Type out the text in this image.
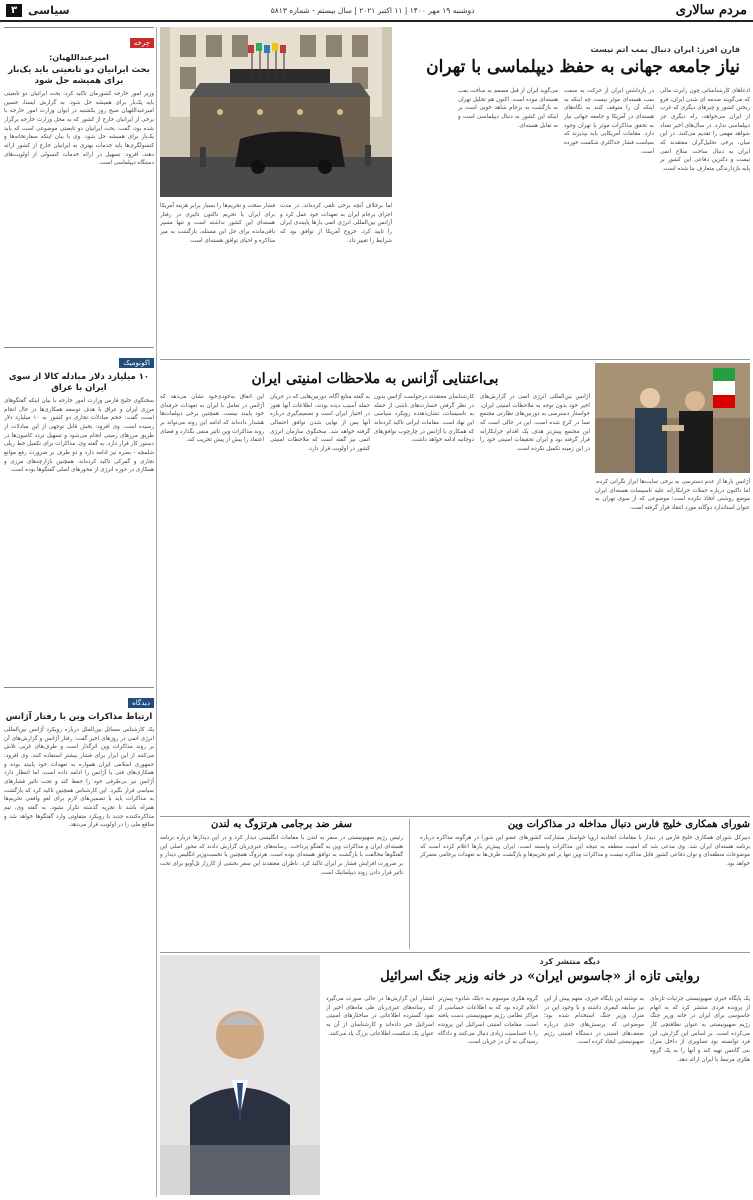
مردم سالاری
دوشنبه ۱۹ مهر ۱۴۰۰ | ۱۱ اکتبر ۲۰۲۱ | سال بیستم - شماره ۵۸۱۳
سیاسی
۳
چرخه
امیرعبداللهیان:
بحث ایرانیان دو تابعیتی باید یک‌بار برای همیشه حل شود
وزیر امور خارجه کشورمان تاکید کرد: بحث ایرانیان دو تابعیتی باید یک‌بار برای همیشه حل شود. به گزارش ایسنا، حسین امیرعبداللهیان صبح روز یکشنبه در ایوان وزارت امور خارجه با برخی از ایرانیان خارج از کشور که به محل وزارت خارجه برگزار شده بود، گفت: بحث ایرانیان دو تابعیتی موضوعی است که باید یک‌بار برای همیشه حل شود. وی با بیان اینکه سفارتخانه‌ها و کنسولگری‌ها باید خدمات بهتری به ایرانیان خارج از کشور ارائه دهند، افزود: تسهیل در ارائه خدمات کنسولی از اولویت‌های دستگاه دیپلماسی است.
اکونومیک
۱۰ میلیارد دلار مبادله کالا از سوی ایران با عراق
سخنگوی خلیج فارس وزارت امور خارجه با بیان اینکه گفتگوهای مرزی ایران و عراق با هدف توسعه همکاری‌ها در حال انجام است، گفت: حجم مبادلات تجاری دو کشور به ۱۰ میلیارد دلار رسیده است. وی افزود: بخش قابل توجهی از این مبادلات از طریق مرزهای زمینی انجام می‌شود و تسهیل تردد کامیون‌ها در دستور کار قرار دارد. به گفته وی، مذاکرات برای تکمیل خط ریلی شلمچه - بصره نیز ادامه دارد و دو طرف بر ضرورت رفع موانع تجاری و گمرکی تاکید کرده‌اند. همچنین بازارچه‌های مرزی و همکاری در حوزه انرژی از محورهای اصلی گفتگوها بوده است.
دیدگاه
ارتباط مذاکرات وین با رفتار آژانس
یک کارشناس مسائل بین‌الملل درباره رویکرد آژانس بین‌المللی انرژی اتمی در روزهای اخیر گفت: رفتار آژانس و گزارش‌های آن بر روند مذاکرات وین اثرگذار است و طرف‌های غربی تلاش می‌کنند از این ابزار برای فشار بیشتر استفاده کنند. وی افزود: جمهوری اسلامی ایران همواره به تعهدات خود پایبند بوده و همکاری‌های فنی با آژانس را ادامه داده است، اما انتظار دارد آژانس نیز بی‌طرفی خود را حفظ کند و تحت تاثیر فشارهای سیاسی قرار نگیرد. این کارشناس همچنین تاکید کرد که بازگشت به مذاکرات باید با تضمین‌های لازم برای لغو واقعی تحریم‌ها همراه باشد تا تجربه گذشته تکرار نشود. به گفته وی، تیم مذاکره‌کننده جدید با رویکرد متفاوتی وارد گفتگوها خواهد شد و منافع ملی را در اولویت قرار می‌دهد.
فارن افرز: ایران دنبال بمب اتم نیست
نیاز جامعه جهانی به حفظ دیپلماسی با تهران
ادعاهای کارشناسانی چون رابرت مالی که می‌گویند صدمه ای شدن ایران، فرو ریختن کشور و چیزهای دیگری که غرب از ایران می‌خواهد، راه دیگری جز دیپلماسی ندارد. در سال‌های اخیر تعداد شواهد مهمی را تقدیم می‌کنند. در این میان، برخی تحلیل‌گران معتقدند که ایران به دنبال ساخت سلاح اتمی نیست و دکترین دفاعی این کشور بر پایه بازدارندگی متعارف بنا شده است.
در بازداشتن ایران از حرکت به سمت بمب هسته‌ای موثر نیست چه اینکه به اینکه آن را متوقف کنند به نگاه‌های هسته‌ای در آمریکا و جامعه جهانی نیاز به تحقق مذاکرات موثر با تهران وجود دارد. مقامات آمریکایی باید بپذیرند که سیاست فشار حداکثری شکست خورده است.
می‌گوید ایران از قبل مصمم به ساخت بمب هسته‌ای نبوده است. اکنون هم تحلیل تهران به بازگشت به برجام شاهد خوبی است بر اینکه این کشور به دنبال دیپلماسی است و نه تقابل هسته‌ای.
اما برخلاف آنچه برخی تلقی کرده‌اند، در مدت اجرای برجام ایران به تعهدات خود عمل کرد و آژانس بین‌المللی انرژی اتمی بارها پایبندی ایران را تایید کرد. خروج آمریکا از توافق بود که شرایط را تغییر داد.
فشار سخت و تحریم‌ها را بسیار برابر هزینه آمریکا برای ایران با تحریم تاکنون تاثیری در رفتار هسته‌ای این کشور نداشته است و تنها مسیر باقی‌مانده برای حل این مسئله، بازگشت به میز مذاکره و احیای توافق هسته‌ای است.
بی‌اعتنایی آژانس به ملاحظات امنیتی ایران
آژانس بین‌المللی انرژی اتمی در گزارش‌های اخیر خود بدون توجه به ملاحظات امنیتی ایران، خواستار دسترسی به دوربین‌های نظارتی مجتمع تسا در کرج شده است. این در حالی است که این مجتمع پیش‌تر هدف یک اقدام خرابکارانه قرار گرفته بود و ایران تحقیقات امنیتی خود را در این زمینه تکمیل نکرده است.
کارشناسان معتقدند درخواست آژانس بدون در نظر گرفتن خسارت‌های ناشی از حمله به تاسیسات، نشان‌دهنده رویکرد سیاسی این نهاد است. مقامات ایرانی تاکید کرده‌اند که همکاری با آژانس در چارچوب توافق‌های دوجانبه ادامه خواهد داشت.
به گفته منابع آگاه، دوربین‌هایی که در جریان حمله آسیب دیده بودند، اطلاعات آنها هنوز در اختیار ایران است و تصمیم‌گیری درباره آنها پس از نهایی شدن توافق احتمالی گرفته خواهد شد. سخنگوی سازمان انرژی اتمی نیز گفته است که ملاحظات امنیتی کشور در اولویت قرار دارد.
این اتفاق به‌خودی‌خود نشان می‌دهد که آژانس در تعامل با ایران به تعهدات حرفه‌ای خود پایبند نیست. همچنین برخی دیپلمات‌ها هشدار داده‌اند که ادامه این روند می‌تواند بر روند مذاکرات وین تاثیر منفی بگذارد و فضای اعتماد را بیش از پیش تخریب کند.
آژانس بارها از عدم دسترسی به برخی سایت‌ها ابراز نگرانی کرده، اما تاکنون درباره حملات خرابکارانه علیه تاسیسات هسته‌ای ایران موضع روشنی اتخاذ نکرده است؛ موضوعی که از سوی تهران به عنوان استاندارد دوگانه مورد انتقاد قرار گرفته است.
شورای همکاری خلیج فارس دنبال مداخله در مذاکرات وین
دبیرکل شورای همکاری خلیج فارس در دیدار با مقامات اتحادیه اروپا خواستار مشارکت کشورهای عضو این شورا در هرگونه مذاکره درباره برنامه هسته‌ای ایران شد. وی مدعی شد که امنیت منطقه به نتیجه این مذاکرات وابسته است. ایران پیش‌تر بارها اعلام کرده است که موضوعات منطقه‌ای و توان دفاعی کشور قابل مذاکره نیست و مذاکرات وین تنها بر لغو تحریم‌ها و بازگشت طرف‌ها به تعهدات برجامی متمرکز خواهد بود.
سفر ضد برجامی هرتزوگ به لندن
رئیس رژیم صهیونیستی در سفر به لندن با مقامات انگلیسی دیدار کرد و در این دیدارها درباره برنامه هسته‌ای ایران و مذاکرات وین به گفتگو پرداخت. رسانه‌های عبری‌زبان گزارش دادند که محور اصلی این گفتگوها مخالفت با بازگشت به توافق هسته‌ای بوده است. هرتزوگ همچنین با نخست‌وزیر انگلیس دیدار و بر ضرورت افزایش فشار بر ایران تاکید کرد. ناظران معتقدند این سفر بخشی از کارزار تل‌آویو برای تحت تاثیر قرار دادن روند دیپلماتیک است.
دیگه منتشر کرد
روایتی تازه از «جاسوس ایران» در خانه وزیر جنگ اسرائیل
یک پایگاه خبری صهیونیستی جزئیات تازه‌ای از پرونده فردی منتشر کرد که به اتهام جاسوسی برای ایران در خانه وزیر جنگ رژیم صهیونیستی به عنوان نظافتچی کار می‌کرده است. بر اساس این گزارش، این فرد توانسته بود تصاویری از داخل منزل بنی گانتس تهیه کند و آنها را به یک گروه هکری مرتبط با ایران ارائه دهد.
به نوشته این پایگاه خبری، متهم پیش از این نیز سابقه کیفری داشته و با وجود این در منزل وزیر جنگ استخدام شده بود؛ موضوعی که پرسش‌های جدی درباره ضعف‌های امنیتی در دستگاه امنیتی رژیم صهیونیستی ایجاد کرده است.
گروه هکری موسوم به «بلک شادو» پیش‌تر اعلام کرده بود که به اطلاعات حساسی از مراکز نظامی رژیم صهیونیستی دست یافته است. مقامات امنیتی اسرائیل این پرونده را با حساسیت زیادی دنبال می‌کنند و دادگاه رسیدگی به آن در جریان است.
انتشار این گزارش‌ها در حالی صورت می‌گیرد که رسانه‌های عبری‌زبان طی ماه‌های اخیر از نفوذ گسترده اطلاعاتی در ساختارهای امنیتی اسرائیل خبر داده‌اند و کارشناسان از آن به عنوان یک شکست اطلاعاتی بزرگ یاد می‌کنند.
